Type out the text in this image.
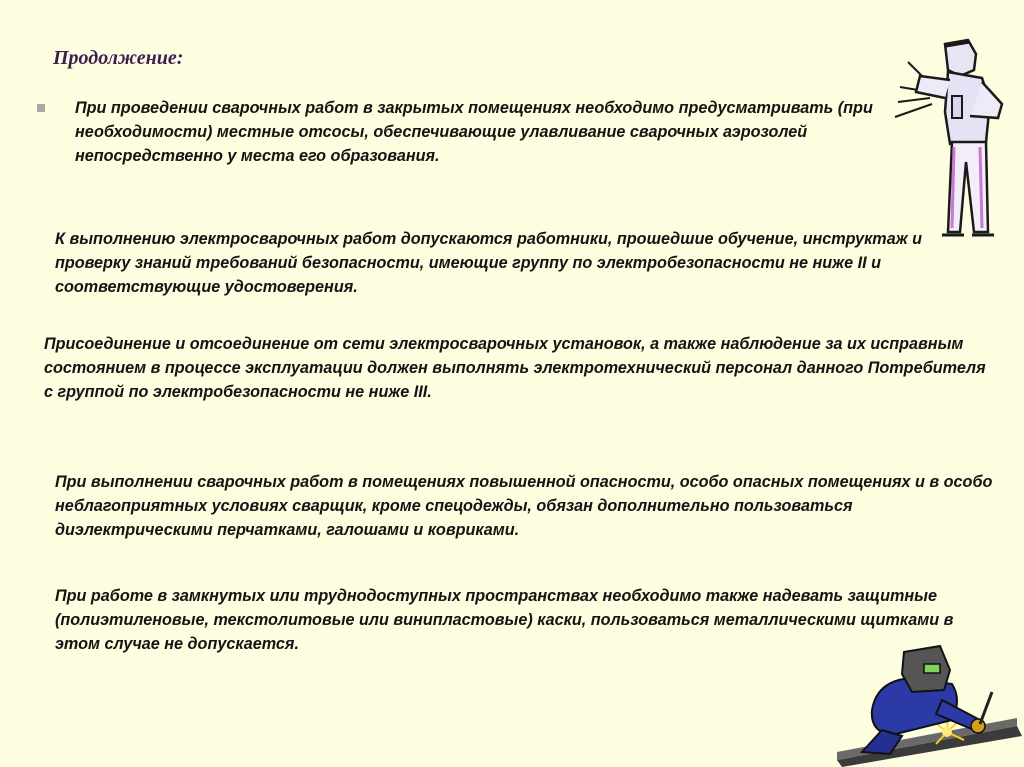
Продолжение:

При проведении сварочных работ в закрытых помещениях необходимо предусматривать (при необходимости) местные отсосы, обеспечивающие улавливание сварочных аэрозолей непосредственно у места его образования.

К выполнению электросварочных работ допускаются работники, прошедшие обучение, инструктаж и проверку знаний требований безопасности, имеющие группу по электробезопасности не ниже II и соответствующие удостоверения.

Присоединение и отсоединение от сети электросварочных установок, а также наблюдение за их исправным состоянием в процессе эксплуатации должен выполнять электротехнический персонал данного Потребителя с группой по электробезопасности не ниже III.

При выполнении сварочных работ в помещениях повышенной опасности, особо опасных помещениях и в особо неблагоприятных условиях сварщик, кроме спецодежды, обязан дополнительно пользоваться диэлектрическими перчатками, галошами и ковриками.

При работе в замкнутых или труднодоступных пространствах необходимо также надевать защитные (полиэтиленовые, текстолитовые или винипластовые) каски, пользоваться металлическими щитками в этом случае не допускается.
